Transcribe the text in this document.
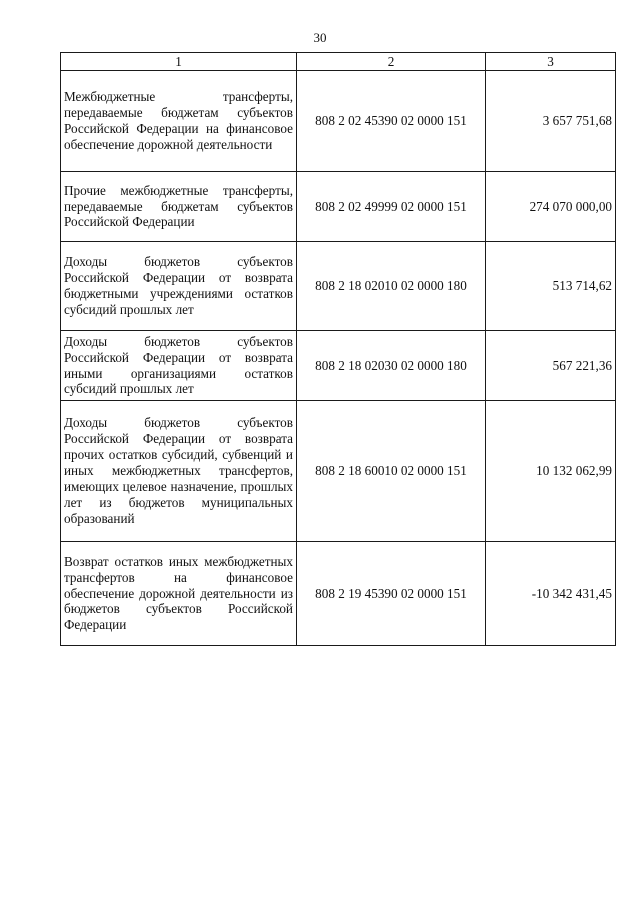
30
1	2	3
Межбюджетные трансферты, передаваемые бюджетам субъектов Российской Федерации на финансовое обеспечение дорожной деятельности	808 2 02 45390 02 0000 151	3 657 751,68
Прочие межбюджетные трансферты, передаваемые бюджетам субъектов Российской Федерации	808 2 02 49999 02 0000 151	274 070 000,00
Доходы бюджетов субъектов Российской Федерации от возврата бюджетными учреждениями остатков субсидий прошлых лет	808 2 18 02010 02 0000 180	513 714,62
Доходы бюджетов субъектов Российской Федерации от возврата иными организациями остатков субсидий прошлых лет	808 2 18 02030 02 0000 180	567 221,36
Доходы бюджетов субъектов Российской Федерации от возврата прочих остатков субсидий, субвенций и иных межбюджетных трансфертов, имеющих целевое назначение, прошлых лет из бюджетов муниципальных образований	808 2 18 60010 02 0000 151	10 132 062,99
Возврат остатков иных межбюджетных трансфертов на финансовое обеспечение дорожной деятельности из бюджетов субъектов Российской Федерации	808 2 19 45390 02 0000 151	-10 342 431,45
